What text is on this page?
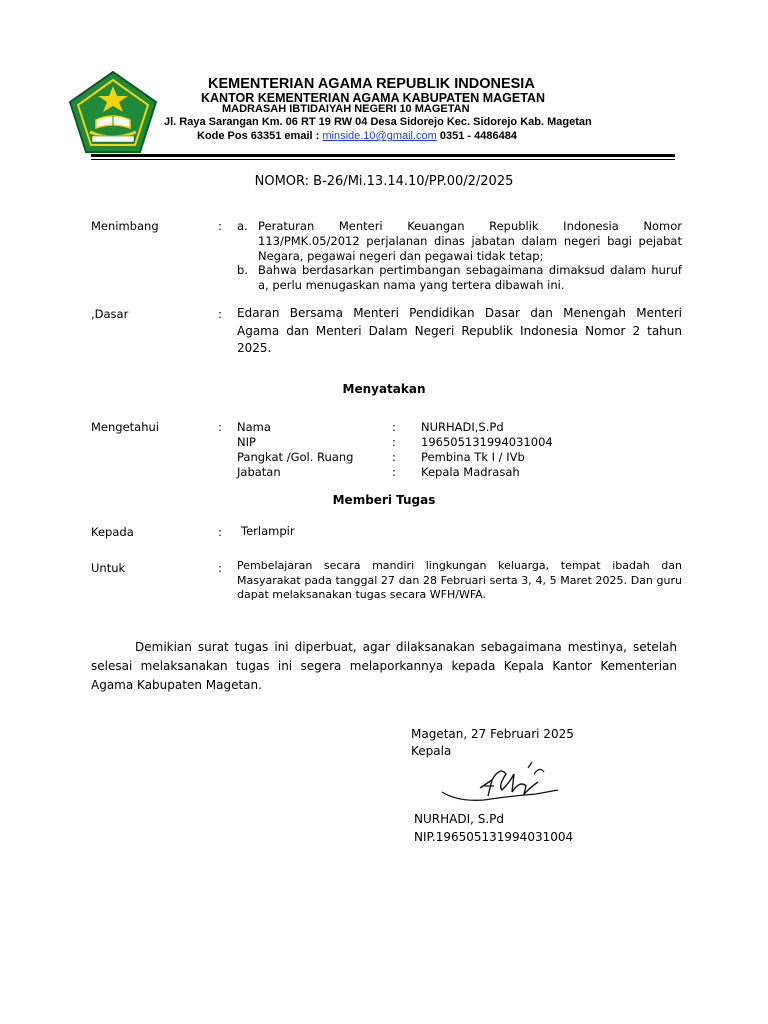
KEMENTERIAN AGAMA REPUBLIK INDONESIA
KANTOR KEMENTERIAN AGAMA KABUPATEN MAGETAN
MADRASAH IBTIDAIYAH NEGERI 10 MAGETAN
Jl. Raya Sarangan Km. 06 RT 19 RW 04 Desa Sidorejo Kec. Sidorejo Kab. Magetan
Kode Pos 63351 email : minside.10@gmail.com 0351 - 4486484
NOMOR: B-26/Mi.13.14.10/PP.00/2/2025
Menimbang	: a. Peraturan Menteri Keuangan Republik Indonesia Nomor 113/PMK.05/2012 perjalanan dinas jabatan dalam negeri bagi pejabat Negara, pegawai negeri dan pegawai tidak tetap;
b. Bahwa berdasarkan pertimbangan sebagaimana dimaksud dalam huruf a, perlu menugaskan nama yang tertera dibawah ini.
,Dasar	: Edaran Bersama Menteri Pendidikan Dasar dan Menengah Menteri Agama dan Menteri Dalam Negeri Republik Indonesia Nomor 2 tahun 2025.
Menyatakan
Mengetahui	: Nama	: NURHADI,S.Pd
NIP	: 196505131994031004
Pangkat /Gol. Ruang	: Pembina Tk I / IVb
Jabatan	: Kepala Madrasah
Memberi Tugas
Kepada	: Terlampir
Untuk	: Pembelajaran secara mandiri lingkungan keluarga, tempat ibadah dan Masyarakat pada tanggal 27 dan 28 Februari serta 3, 4, 5 Maret 2025. Dan guru dapat melaksanakan tugas secara WFH/WFA.
Demikian surat tugas ini diperbuat, agar dilaksanakan sebagaimana mestinya, setelah selesai melaksanakan tugas ini segera melaporkannya kepada Kepala Kantor Kementerian Agama Kabupaten Magetan.
Magetan, 27 Februari 2025
Kepala
NURHADI, S.Pd
NIP.196505131994031004
